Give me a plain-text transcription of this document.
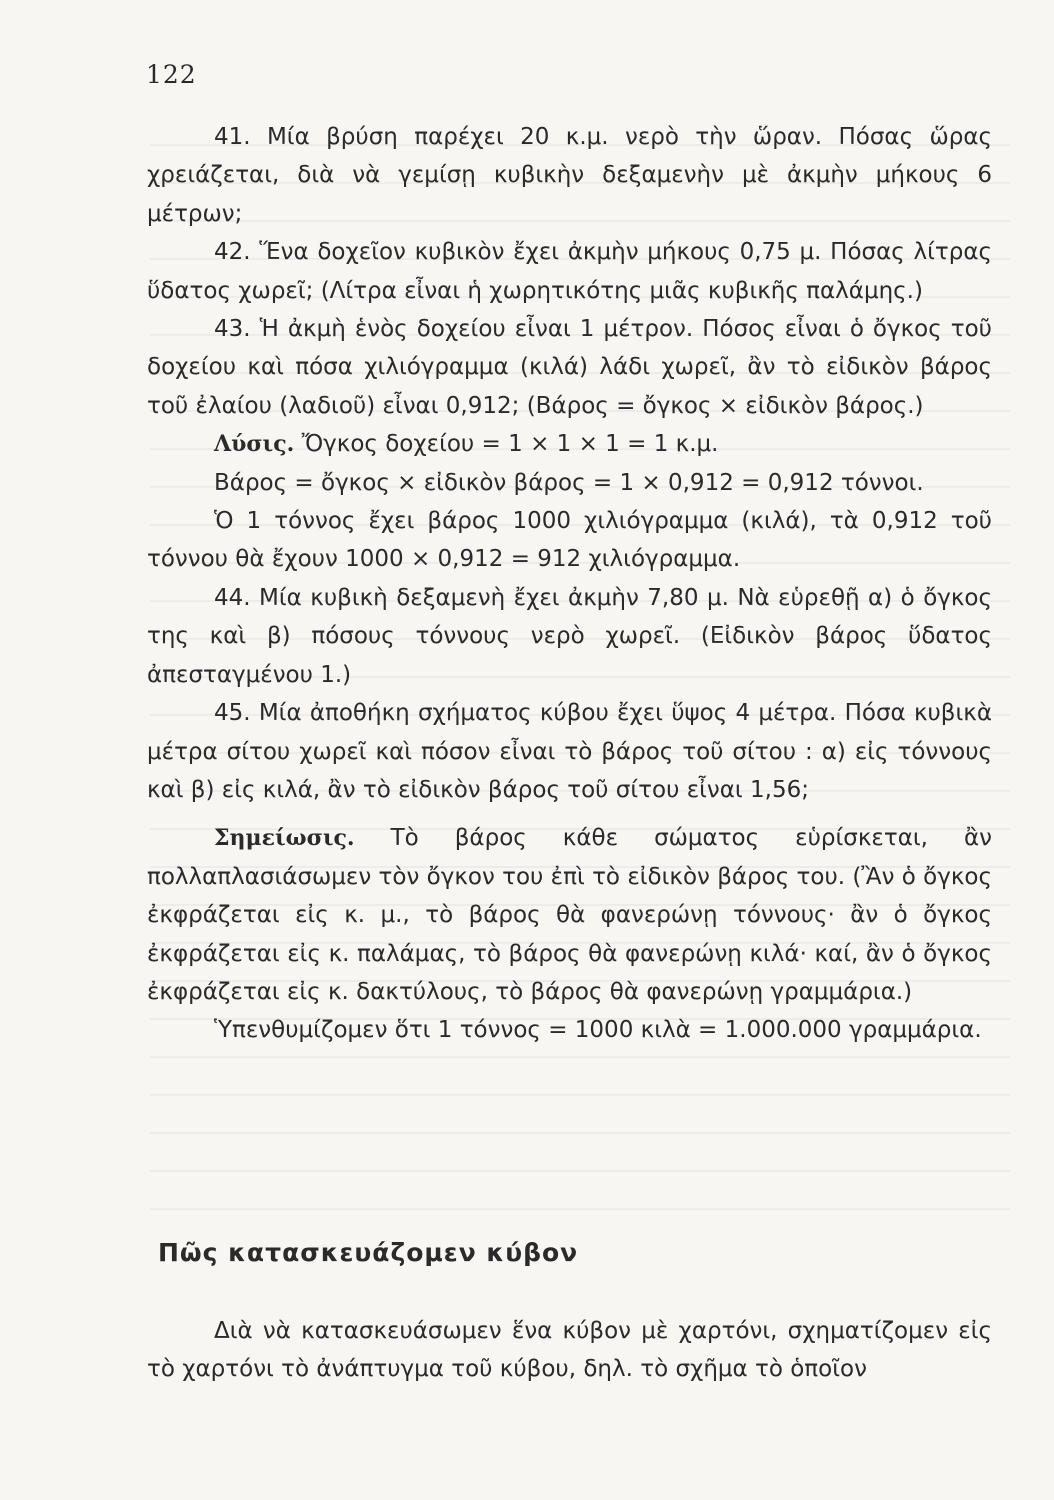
122

41. Μία βρύση παρέχει 20 κ.μ. νερὸ τὴν ὥραν. Πόσας ὥρας χρειάζεται, διὰ νὰ γεμίσῃ κυβικὴν δεξαμενὴν μὲ ἀκμὴν μήκους 6 μέτρων;

42. Ἕνα δοχεῖον κυβικὸν ἔχει ἀκμὴν μήκους 0,75 μ. Πόσας λίτρας ὕδατος χωρεῖ; (Λίτρα εἶναι ἡ χωρητικότης μιᾶς κυβικῆς παλάμης.)

43. Ἡ ἀκμὴ ἑνὸς δοχείου εἶναι 1 μέτρον. Πόσος εἶναι ὁ ὄγκος τοῦ δοχείου καὶ πόσα χιλιόγραμμα (κιλά) λάδι χωρεῖ, ἂν τὸ εἰδικὸν βάρος τοῦ ἐλαίου (λαδιοῦ) εἶναι 0,912; (Βάρος = ὄγκος × εἰδικὸν βάρος.)

Λύσις. Ὄγκος δοχείου = 1 × 1 × 1 = 1 κ.μ.

Βάρος = ὄγκος × εἰδικὸν βάρος = 1 × 0,912 = 0,912 τόννοι.

Ὁ 1 τόννος ἔχει βάρος 1000 χιλιόγραμμα (κιλά), τὰ 0,912 τοῦ τόννου θὰ ἔχουν 1000 × 0,912 = 912 χιλιόγραμμα.

44. Μία κυβικὴ δεξαμενὴ ἔχει ἀκμὴν 7,80 μ. Νὰ εὑρεθῇ α) ὁ ὄγκος της καὶ β) πόσους τόννους νερὸ χωρεῖ. (Εἰδικὸν βάρος ὕδατος ἀπεσταγμένου 1.)

45. Μία ἀποθήκη σχήματος κύβου ἔχει ὕψος 4 μέτρα. Πόσα κυβικὰ μέτρα σίτου χωρεῖ καὶ πόσον εἶναι τὸ βάρος τοῦ σίτου : α) εἰς τόννους καὶ β) εἰς κιλά, ἂν τὸ εἰδικὸν βάρος τοῦ σίτου εἶναι 1,56;

Σημείωσις. Τὸ βάρος κάθε σώματος εὑρίσκεται, ἂν πολλαπλασιάσωμεν τὸν ὄγκον του ἐπὶ τὸ εἰδικὸν βάρος του. (Ἂν ὁ ὄγκος ἐκφράζεται εἰς κ. μ., τὸ βάρος θὰ φανερώνῃ τόννους· ἂν ὁ ὄγκος ἐκφράζεται εἰς κ. παλάμας, τὸ βάρος θὰ φανερώνῃ κιλά· καί, ἂν ὁ ὄγκος ἐκφράζεται εἰς κ. δακτύλους, τὸ βάρος θὰ φανερώνῃ γραμμάρια.)

Ὑπενθυμίζομεν ὅτι 1 τόννος = 1000 κιλὰ = 1.000.000 γραμμάρια.

Πῶς κατασκευάζομεν κύβον

Διὰ νὰ κατασκευάσωμεν ἕνα κύβον μὲ χαρτόνι, σχηματίζομεν εἰς τὸ χαρτόνι τὸ ἀνάπτυγμα τοῦ κύβου, δηλ. τὸ σχῆμα τὸ ὁποῖον
